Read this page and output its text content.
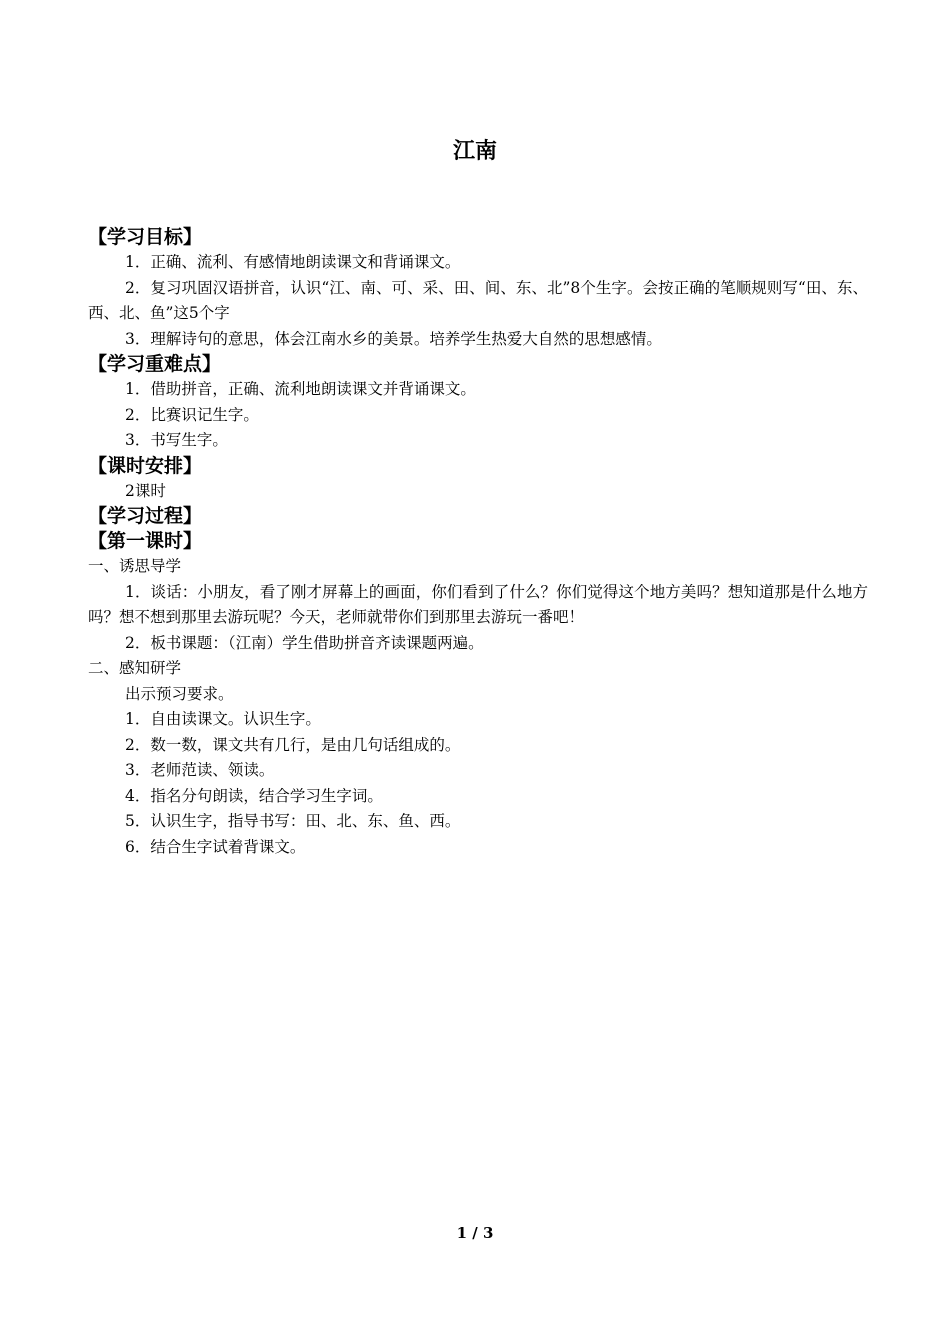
江南
【学习目标】
1．正确、流利、有感情地朗读课文和背诵课文。
2．复习巩固汉语拼音，认识“江、南、可、采、田、间、东、北”8个生字。会按正确的笔顺规则写“田、东、西、北、鱼”这5个字
3．理解诗句的意思，体会江南水乡的美景。培养学生热爱大自然的思想感情。
【学习重难点】
1．借助拼音，正确、流利地朗读课文并背诵课文。
2．比赛识记生字。
3．书写生字。
【课时安排】
2课时
【学习过程】
【第一课时】
一、诱思导学
1．谈话：小朋友，看了刚才屏幕上的画面，你们看到了什么？你们觉得这个地方美吗？想知道那是什么地方吗？想不想到那里去游玩呢？今天，老师就带你们到那里去游玩一番吧！
2．板书课题：（江南）学生借助拼音齐读课题两遍。
二、感知研学
出示预习要求。
1．自由读课文。认识生字。
2．数一数，课文共有几行，是由几句话组成的。
3．老师范读、领读。
4．指名分句朗读，结合学习生字词。
5．认识生字，指导书写：田、北、东、鱼、西。
6．结合生字试着背课文。
1 / 3
